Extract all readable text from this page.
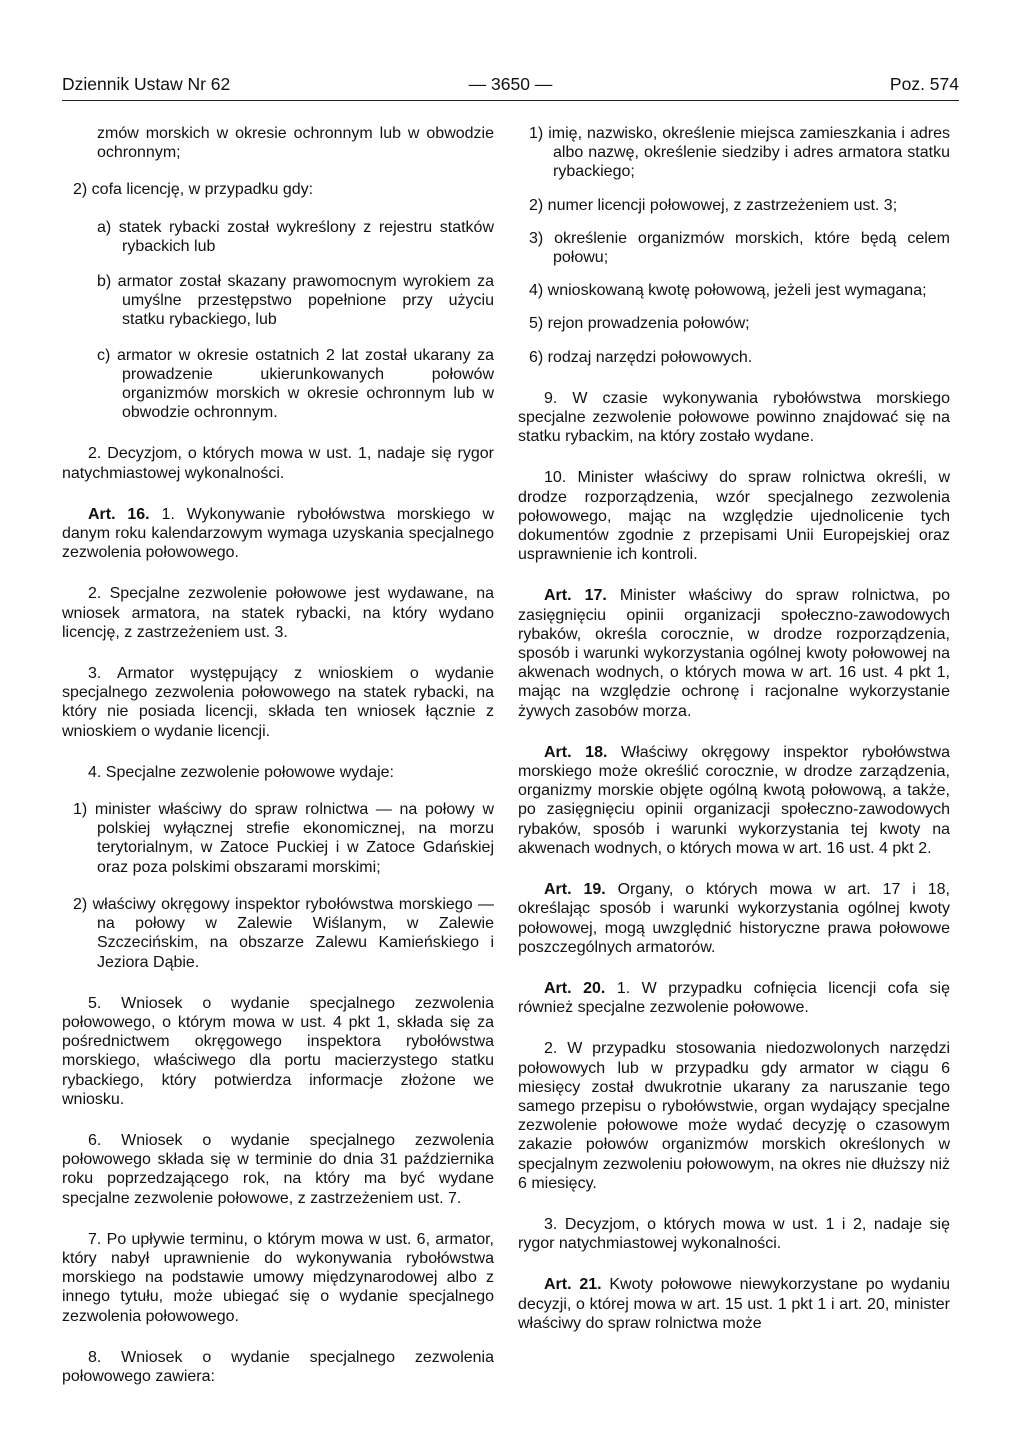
Dziennik Ustaw Nr 62	— 3650 —	Poz. 574

zmów morskich w okresie ochronnym lub w obwodzie ochronnym;

2) cofa licencję, w przypadku gdy:

a) statek rybacki został wykreślony z rejestru statków rybackich lub

b) armator został skazany prawomocnym wyrokiem za umyślne przestępstwo popełnione przy użyciu statku rybackiego, lub

c) armator w okresie ostatnich 2 lat został ukarany za prowadzenie ukierunkowanych połowów organizmów morskich w okresie ochronnym lub w obwodzie ochronnym.

2. Decyzjom, o których mowa w ust. 1, nadaje się rygor natychmiastowej wykonalności.

Art. 16. 1. Wykonywanie rybołówstwa morskiego w danym roku kalendarzowym wymaga uzyskania specjalnego zezwolenia połowowego.

2. Specjalne zezwolenie połowowe jest wydawane, na wniosek armatora, na statek rybacki, na który wydano licencję, z zastrzeżeniem ust. 3.

3. Armator występujący z wnioskiem o wydanie specjalnego zezwolenia połowowego na statek rybacki, na który nie posiada licencji, składa ten wniosek łącznie z wnioskiem o wydanie licencji.

4. Specjalne zezwolenie połowowe wydaje:

1) minister właściwy do spraw rolnictwa — na połowy w polskiej wyłącznej strefie ekonomicznej, na morzu terytorialnym, w Zatoce Puckiej i w Zatoce Gdańskiej oraz poza polskimi obszarami morskimi;

2) właściwy okręgowy inspektor rybołówstwa morskiego — na połowy w Zalewie Wiślanym, w Zalewie Szczecińskim, na obszarze Zalewu Kamieńskiego i Jeziora Dąbie.

5. Wniosek o wydanie specjalnego zezwolenia połowowego, o którym mowa w ust. 4 pkt 1, składa się za pośrednictwem okręgowego inspektora rybołówstwa morskiego, właściwego dla portu macierzystego statku rybackiego, który potwierdza informacje złożone we wniosku.

6. Wniosek o wydanie specjalnego zezwolenia połowowego składa się w terminie do dnia 31 października roku poprzedzającego rok, na który ma być wydane specjalne zezwolenie połowowe, z zastrzeżeniem ust. 7.

7. Po upływie terminu, o którym mowa w ust. 6, armator, który nabył uprawnienie do wykonywania rybołówstwa morskiego na podstawie umowy międzynarodowej albo z innego tytułu, może ubiegać się o wydanie specjalnego zezwolenia połowowego.

8. Wniosek o wydanie specjalnego zezwolenia połowowego zawiera:

1) imię, nazwisko, określenie miejsca zamieszkania i adres albo nazwę, określenie siedziby i adres armatora statku rybackiego;

2) numer licencji połowowej, z zastrzeżeniem ust. 3;

3) określenie organizmów morskich, które będą celem połowu;

4) wnioskowaną kwotę połowową, jeżeli jest wymagana;

5) rejon prowadzenia połowów;

6) rodzaj narzędzi połowowych.

9. W czasie wykonywania rybołówstwa morskiego specjalne zezwolenie połowowe powinno znajdować się na statku rybackim, na który zostało wydane.

10. Minister właściwy do spraw rolnictwa określi, w drodze rozporządzenia, wzór specjalnego zezwolenia połowowego, mając na względzie ujednolicenie tych dokumentów zgodnie z przepisami Unii Europejskiej oraz usprawnienie ich kontroli.

Art. 17. Minister właściwy do spraw rolnictwa, po zasięgnięciu opinii organizacji społeczno-zawodowych rybaków, określa corocznie, w drodze rozporządzenia, sposób i warunki wykorzystania ogólnej kwoty połowowej na akwenach wodnych, o których mowa w art. 16 ust. 4 pkt 1, mając na względzie ochronę i racjonalne wykorzystanie żywych zasobów morza.

Art. 18. Właściwy okręgowy inspektor rybołówstwa morskiego może określić corocznie, w drodze zarządzenia, organizmy morskie objęte ogólną kwotą połowową, a także, po zasięgnięciu opinii organizacji społeczno-zawodowych rybaków, sposób i warunki wykorzystania tej kwoty na akwenach wodnych, o których mowa w art. 16 ust. 4 pkt 2.

Art. 19. Organy, o których mowa w art. 17 i 18, określając sposób i warunki wykorzystania ogólnej kwoty połowowej, mogą uwzględnić historyczne prawa połowowe poszczególnych armatorów.

Art. 20. 1. W przypadku cofnięcia licencji cofa się również specjalne zezwolenie połowowe.

2. W przypadku stosowania niedozwolonych narzędzi połowowych lub w przypadku gdy armator w ciągu 6 miesięcy został dwukrotnie ukarany za naruszanie tego samego przepisu o rybołówstwie, organ wydający specjalne zezwolenie połowowe może wydać decyzję o czasowym zakazie połowów organizmów morskich określonych w specjalnym zezwoleniu połowowym, na okres nie dłuższy niż 6 miesięcy.

3. Decyzjom, o których mowa w ust. 1 i 2, nadaje się rygor natychmiastowej wykonalności.

Art. 21. Kwoty połowowe niewykorzystane po wydaniu decyzji, o której mowa w art. 15 ust. 1 pkt 1 i art. 20, minister właściwy do spraw rolnictwa może
